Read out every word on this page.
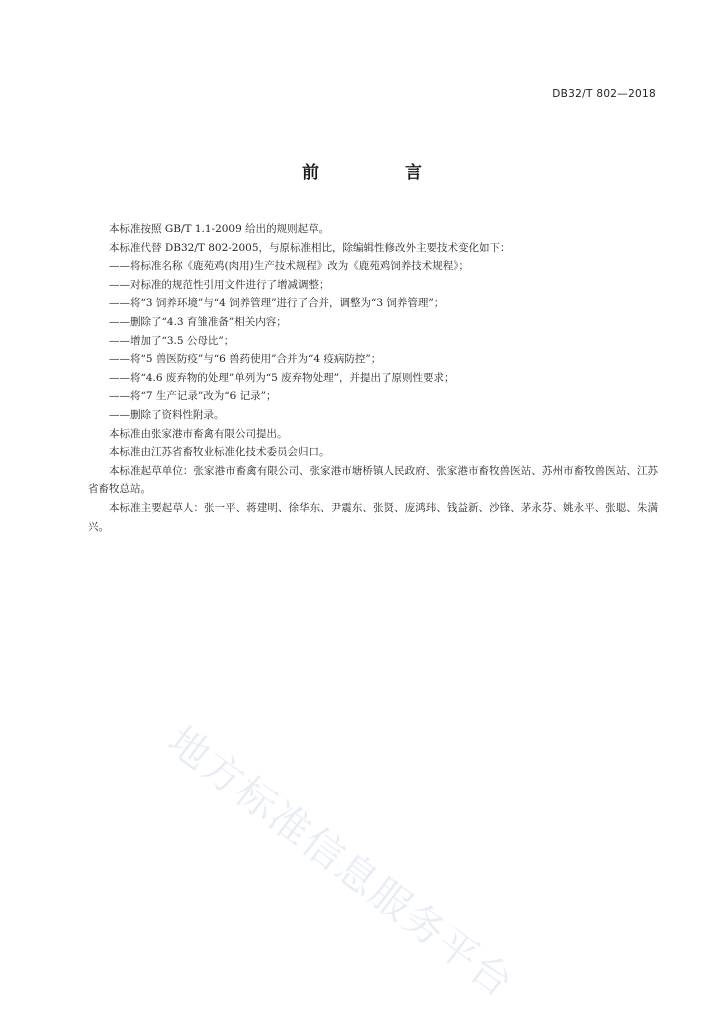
DB32/T 802—2018
前 言

本标准按照 GB/T 1.1-2009 给出的规则起草。

本标准代替 DB32/T 802-2005，与原标准相比，除编辑性修改外主要技术变化如下：

——将标准名称《鹿苑鸡(肉用)生产技术规程》改为《鹿苑鸡饲养技术规程》；

——对标准的规范性引用文件进行了增减调整；

——将“3 饲养环境”与“4 饲养管理”进行了合并，调整为“3 饲养管理”；

——删除了“4.3 育雏准备”相关内容；

——增加了“3.5 公母比”；

——将“5 兽医防疫”与“6 兽药使用”合并为“4 疫病防控”；

——将“4.6 废弃物的处理”单列为“5 废弃物处理”，并提出了原则性要求；

——将“7 生产记录”改为“6 记录”；

——删除了资料性附录。

本标准由张家港市畜禽有限公司提出。

本标准由江苏省畜牧业标准化技术委员会归口。

本标准起草单位：张家港市畜禽有限公司、张家港市塘桥镇人民政府、张家港市畜牧兽医站、苏州市畜牧兽医站、江苏省畜牧总站。

本标准主要起草人：张一平、蒋建明、徐华东、尹震东、张贤、庞鸿玮、钱益新、沙锋、茅永芬、姚永平、张聪、朱满兴。

地方标准信息服务平台
